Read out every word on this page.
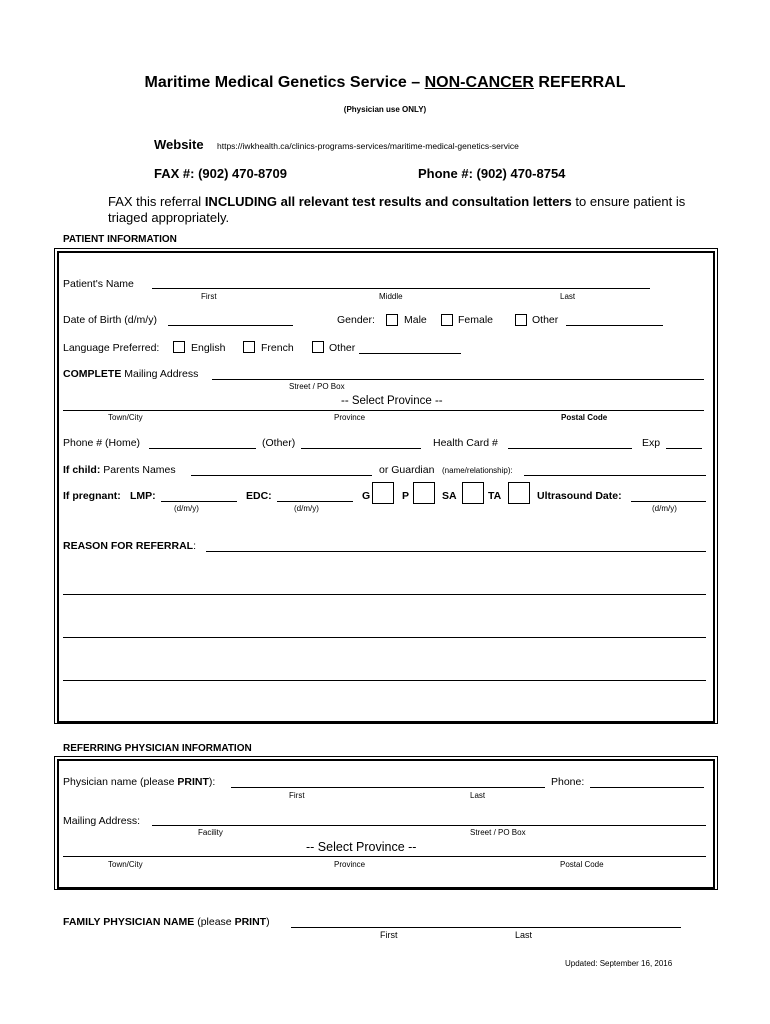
Maritime Medical Genetics Service – NON-CANCER REFERRAL
(Physician use ONLY)
Website https://iwkhealth.ca/clinics-programs-services/maritime-medical-genetics-service
FAX #: (902) 470-8709	Phone #: (902) 470-8754
FAX this referral INCLUDING all relevant test results and consultation letters to ensure patient is triaged appropriately.
PATIENT INFORMATION
Patient's Name
First	Middle	Last
Date of Birth (d/m/y)	Gender:	Male	Female	Other
Language Preferred:	English	French	Other
COMPLETE Mailing Address
Street / PO Box
-- Select Province --
Town/City	Province	Postal Code
Phone # (Home)	(Other)	Health Card #	Exp
If child: Parents Names	or Guardian (name/relationship):
If pregnant: LMP:
(d/m/y)
EDC:
(d/m/y)
G	P	SA	TA	Ultrasound Date:
(d/m/y)
REASON FOR REFERRAL:
REFERRING PHYSICIAN INFORMATION
Physician name (please PRINT):	Phone:
First	Last
Mailing Address:
Facility	Street / PO Box
-- Select Province --
Town/City	Province	Postal Code
FAMILY PHYSICIAN NAME (please PRINT)
First	Last
Updated: September 16, 2016
